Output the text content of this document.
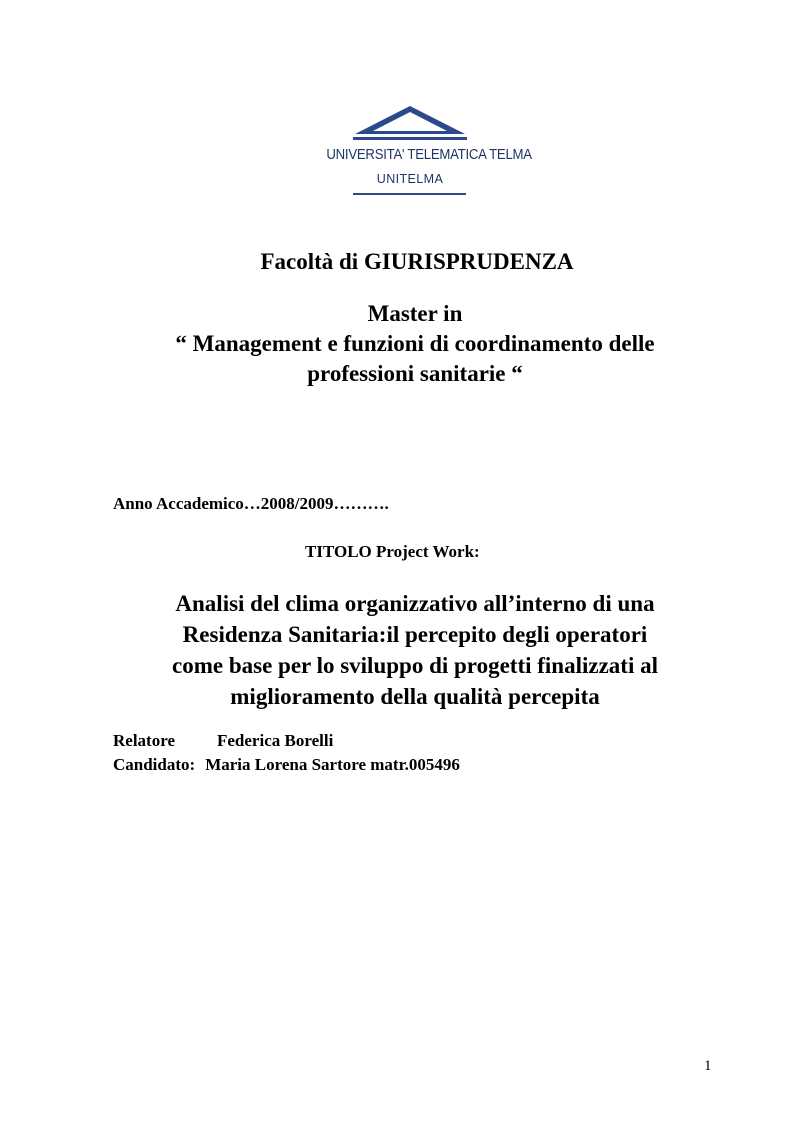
UNIVERSITA' TELEMATICA TELMA
UNITELMA
Facoltà di GIURISPRUDENZA
Master in
“ Management e funzioni di coordinamento delle
professioni sanitarie “
Anno Accademico…2008/2009……….
TITOLO Project Work:
Analisi del clima organizzativo all’interno di una
Residenza Sanitaria:il percepito degli operatori
come base per lo sviluppo di progetti finalizzati al
miglioramento della qualità percepita
Relatore Federica Borelli
Candidato: Maria Lorena Sartore matr.005496
1
